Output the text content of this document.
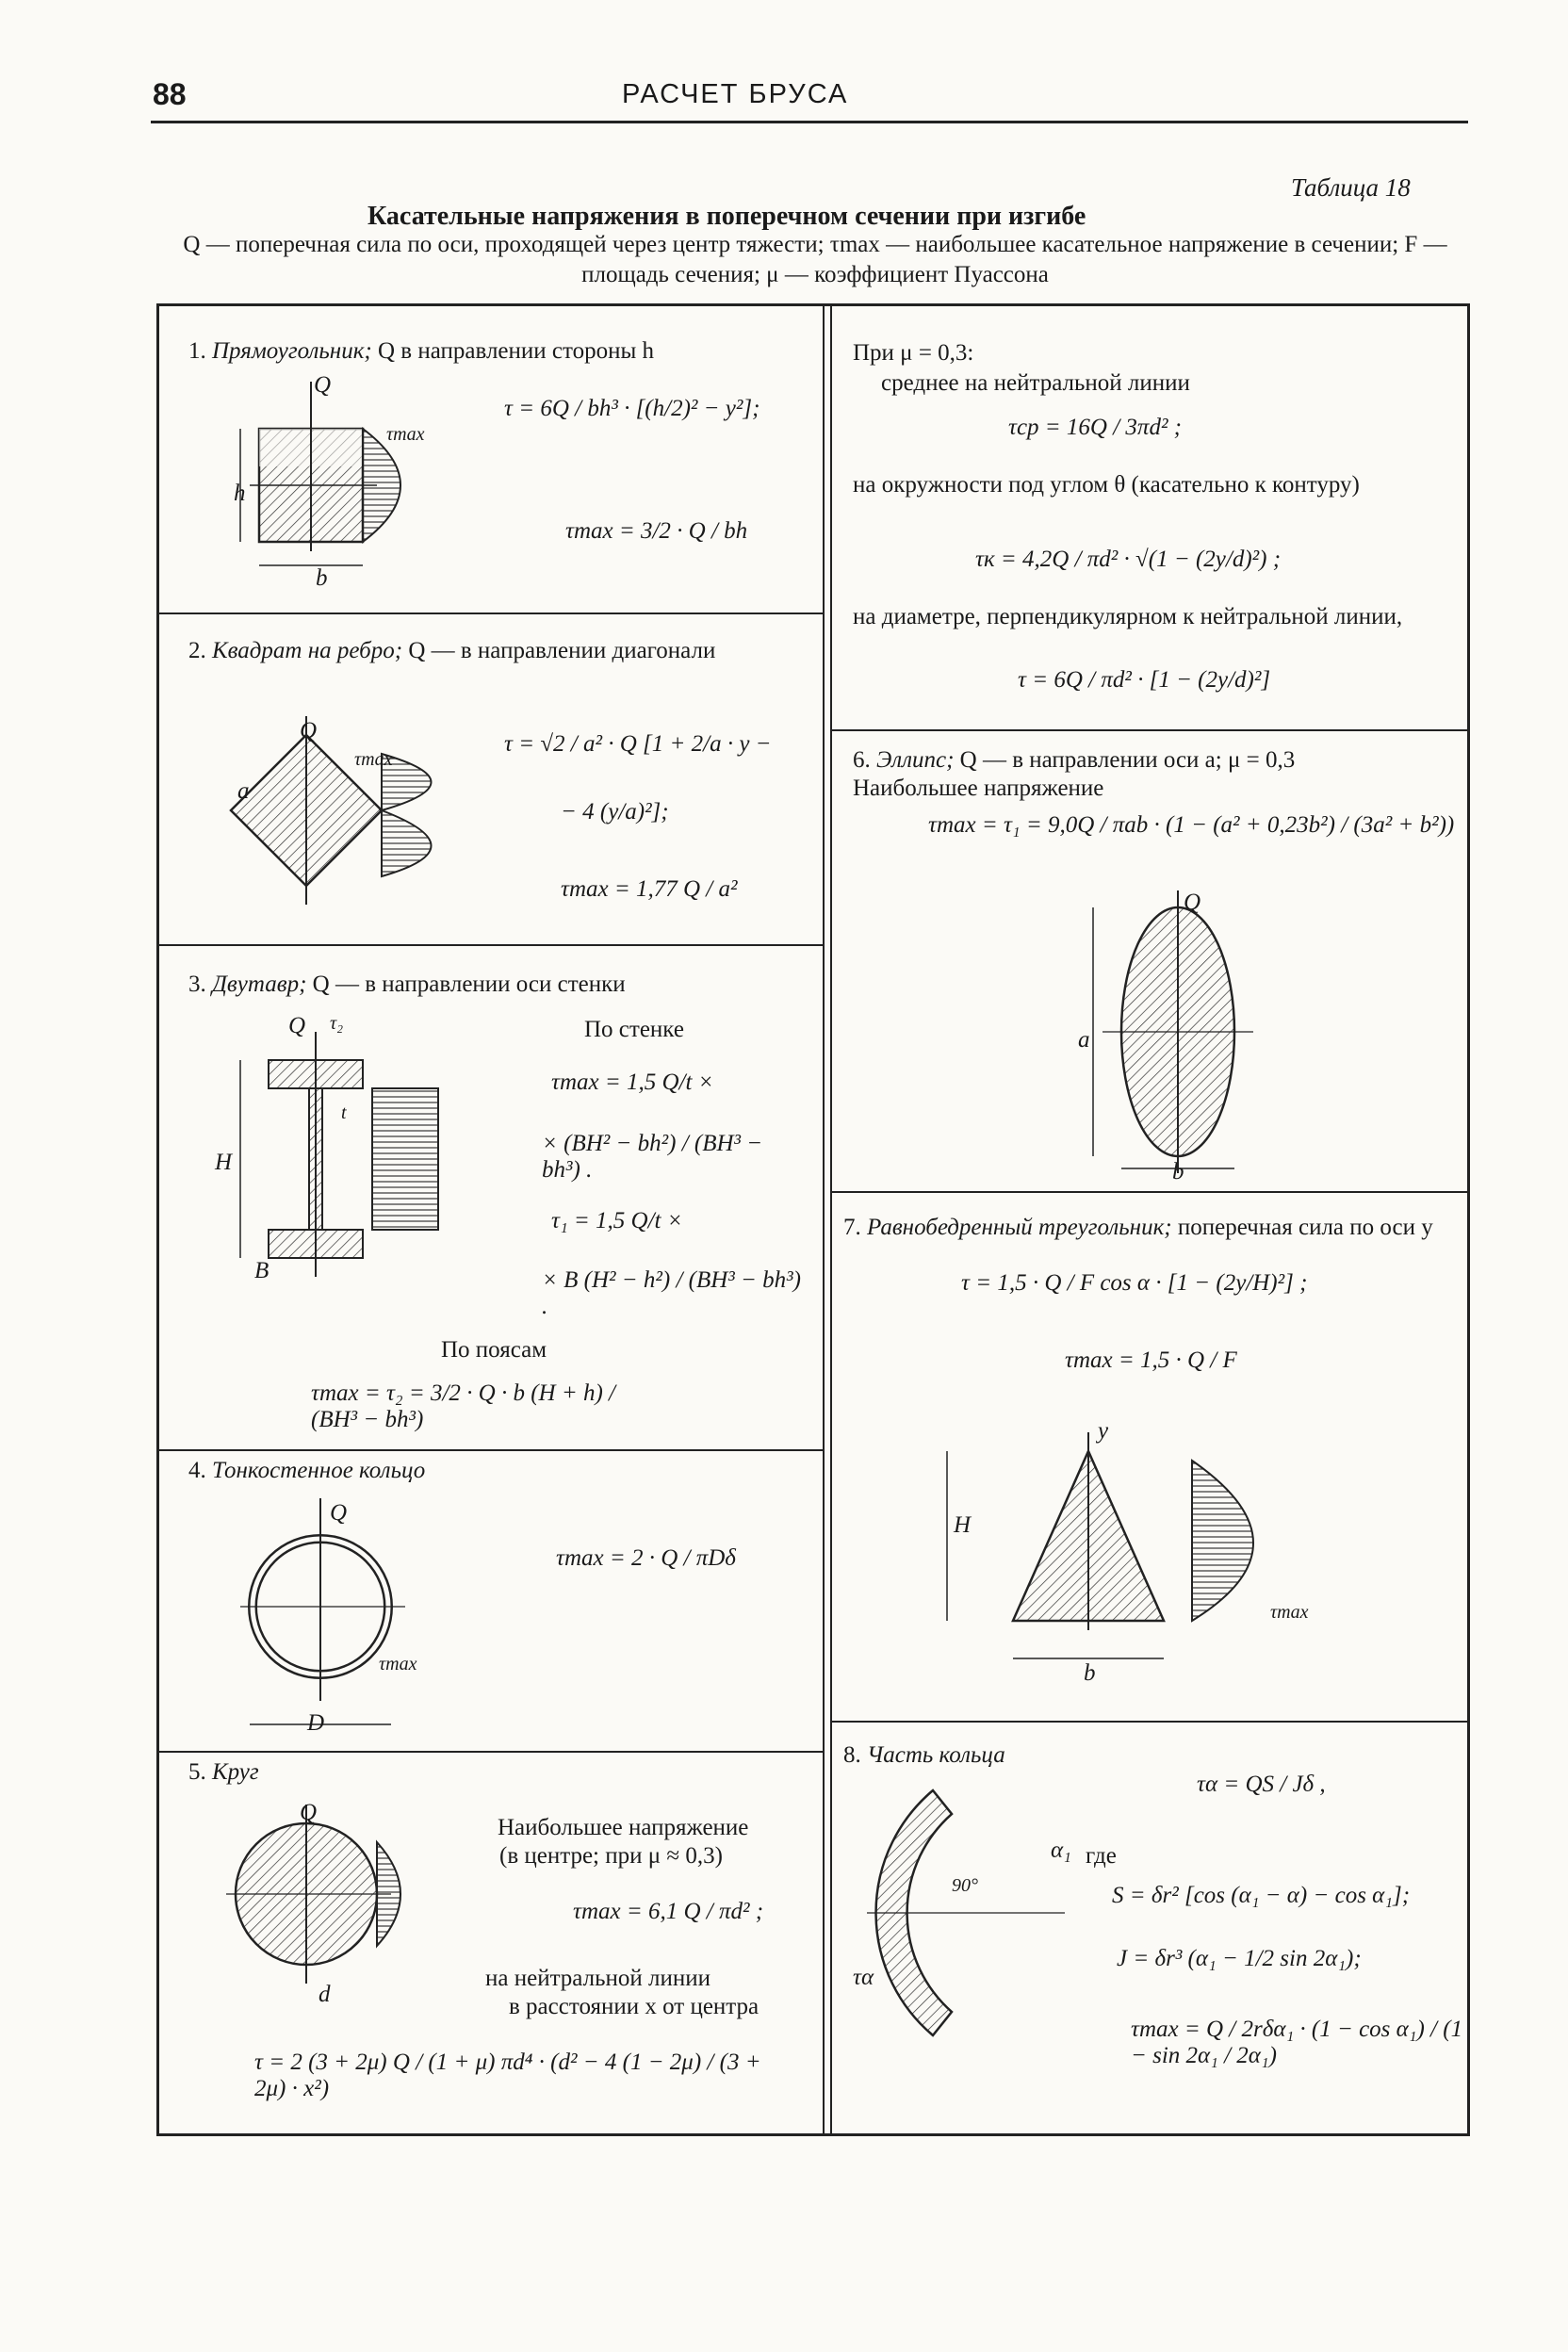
88	РАСЧЕТ БРУСА
Таблица 18
Касательные напряжения в поперечном сечении при изгибе
Q — поперечная сила по оси, проходящей через центр тяжести; τmax — наибольшее касательное напряжение в сечении; F — площадь сечения; μ — коэффициент Пуассона
1. Прямоугольник; Q в направлении стороны h
Q
h
b
τmax
τ = 6Q / bh³ · [(h/2)² − y²];
τmax = 3/2 · Q / bh
2. Квадрат на ребро; Q — в направлении диагонали
Q
a
τmax
τ = √2 / a² · Q [1 + 2/a · y −
− 4 (y/a)²];
τmax = 1,77 Q / a²
3. Двутавр; Q — в направлении оси стенки
Q τ₂
H
B
t
По стенке
τmax = 1,5 Q/t ×
× (BH² − bh²) / (BH³ − bh³) .
τ₁ = 1,5 Q/t ×
× B (H² − h²) / (BH³ − bh³) .
По поясам
τmax = τ₂ = 3/2 · Q · b (H + h) / (BH³ − bh³)
4. Тонкостенное кольцо
Q
D
τmax
τmax = 2 · Q / πDδ
5. Круг
Q
d
Наибольшее напряжение
(в центре; при μ ≈ 0,3)
τmax = 6,1 Q / πd² ;
на нейтральной линии
в расстоянии x от центра
τ = 2 (3 + 2μ) Q / (1 + μ) πd⁴ · (d² − 4 (1 − 2μ) / (3 + 2μ) · x²)
При μ = 0,3:
среднее на нейтральной линии
τср = 16Q / 3πd² ;
на окружности под углом θ (касательно к контуру)
τк = 4,2Q / πd² · √(1 − (2y/d)²) ;
на диаметре, перпендикулярном к нейтральной линии,
τ = 6Q / πd² · [1 − (2y/d)²]
6. Эллипс; Q — в направлении оси a; μ = 0,3
Наибольшее напряжение
τmax = τ₁ = 9,0Q / πab · (1 − (a² + 0,23b²) / (3a² + b²))
Q
a
b
7. Равнобедренный треугольник; поперечная сила по оси y
τ = 1,5 · Q / F cos α · [1 − (2y/H)²] ;
τmax = 1,5 · Q / F
y
H
b
τmax
8. Часть кольца
α₁
90°
τα
τα = QS / Jδ ,
где
S = δr² [cos (α₁ − α) − cos α₁];
J = δr³ (α₁ − 1/2 sin 2α₁);
τmax = Q / 2rδα₁ · (1 − cos α₁) / (1 − sin 2α₁ / 2α₁)
